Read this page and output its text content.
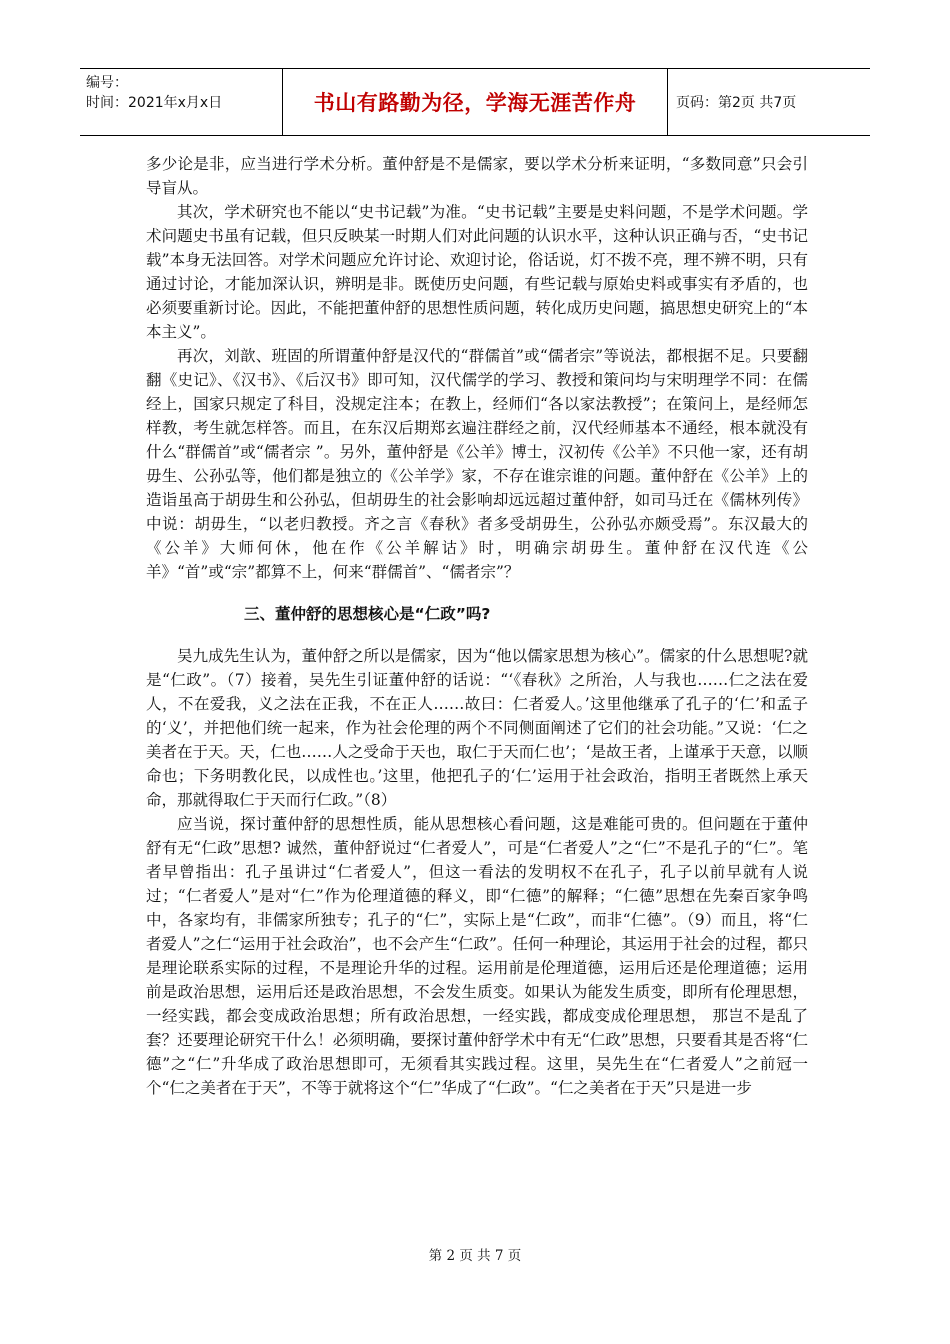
编号：
时间：2021年x月x日	书山有路勤为径，学海无涯苦作舟	页码：第2页 共7页

多少论是非，应当进行学术分析。董仲舒是不是儒家，要以学术分析来证明，“多数同意”只会引导盲从。

其次，学术研究也不能以“史书记载”为准。“史书记载”主要是史料问题，不是学术问题。学术问题史书虽有记载，但只反映某一时期人们对此问题的认识水平，这种认识正确与否，“史书记载”本身无法回答。对学术问题应允许讨论、欢迎讨论，俗话说，灯不拨不亮，理不辨不明，只有通过讨论，才能加深认识，辨明是非。既使历史问题，有些记载与原始史料或事实有矛盾的，也必须要重新讨论。因此，不能把董仲舒的思想性质问题，转化成历史问题，搞思想史研究上的“本本主义”。

再次，刘歆、班固的所谓董仲舒是汉代的“群儒首”或“儒者宗”等说法，都根据不足。只要翻翻《史记》、《汉书》、《后汉书》即可知，汉代儒学的学习、教授和策问均与宋明理学不同：在儒经上，国家只规定了科目，没规定注本；在教上，经师们“各以家法教授”；在策问上，是经师怎样教，考生就怎样答。而且，在东汉后期郑玄遍注群经之前，汉代经师基本不通经，根本就没有什么“群儒首”或“儒者宗 ”。另外，董仲舒是《公羊》博士，汉初传《公羊》不只他一家，还有胡毋生、公孙弘等，他们都是独立的《公羊学》家，不存在谁宗谁的问题。董仲舒在《公羊》上的造诣虽高于胡毋生和公孙弘，但胡毋生的社会影响却远远超过董仲舒，如司马迁在《儒林列传》中说：胡毋生，“以老归教授。齐之言《春秋》者多受胡毋生，公孙弘亦颇受焉”。东汉最大的《公羊》大师何休，他在作《公羊解诂》时，明确宗胡毋生。董仲舒在汉代连《公羊》“首”或“宗”都算不上，何来“群儒首”、“儒者宗”？

三、董仲舒的思想核心是“仁政”吗?

吴九成先生认为，董仲舒之所以是儒家，因为“他以儒家思想为核心”。儒家的什么思想呢?就是“仁政”。（7）接着，吴先生引证董仲舒的话说：“‘《春秋》之所治，人与我也……仁之法在爱人，不在爱我，义之法在正我，不在正人……故曰：仁者爱人。’这里他继承了孔子的‘仁’和孟子的‘义’，并把他们统一起来，作为社会伦理的两个不同侧面阐述了它们的社会功能。”又说：‘仁之美者在于天。天，仁也……人之受命于天也，取仁于天而仁也’；‘是故王者，上谨承于天意，以顺命也；下务明教化民，以成性也。’这里，他把孔子的‘仁’运用于社会政治，指明王者既然上承天命，那就得取仁于天而行仁政。”（8）

应当说，探讨董仲舒的思想性质，能从思想核心看问题，这是难能可贵的。但问题在于董仲舒有无“仁政”思想? 诚然，董仲舒说过“仁者爱人”，可是“仁者爱人”之“仁”不是孔子的“仁”。笔者早曾指出：孔子虽讲过“仁者爱人”，但这一看法的发明权不在孔子，孔子以前早就有人说过；“仁者爱人”是对“仁”作为伦理道德的释义，即“仁德”的解释；“仁德”思想在先秦百家争鸣中，各家均有，非儒家所独专；孔子的“仁”，实际上是“仁政”，而非“仁德”。（9）而且，将“仁者爱人”之仁“运用于社会政治”，也不会产生“仁政”。任何一种理论，其运用于社会的过程，都只是理论联系实际的过程，不是理论升华的过程。运用前是伦理道德，运用后还是伦理道德；运用前是政治思想，运用后还是政治思想，不会发生质变。如果认为能发生质变，即所有伦理思想，一经实践，都会变成政治思想；所有政治思想，一经实践，都成变成伦理思想， 那岂不是乱了套？还要理论研究干什么！必须明确，要探讨董仲舒学术中有无“仁政”思想，只要看其是否将“仁德”之“仁”升华成了政治思想即可，无须看其实践过程。这里，吴先生在“仁者爱人”之前冠一个“仁之美者在于天”，不等于就将这个“仁”华成了“仁政”。“仁之美者在于天”只是进一步

第 2 页 共 7 页
